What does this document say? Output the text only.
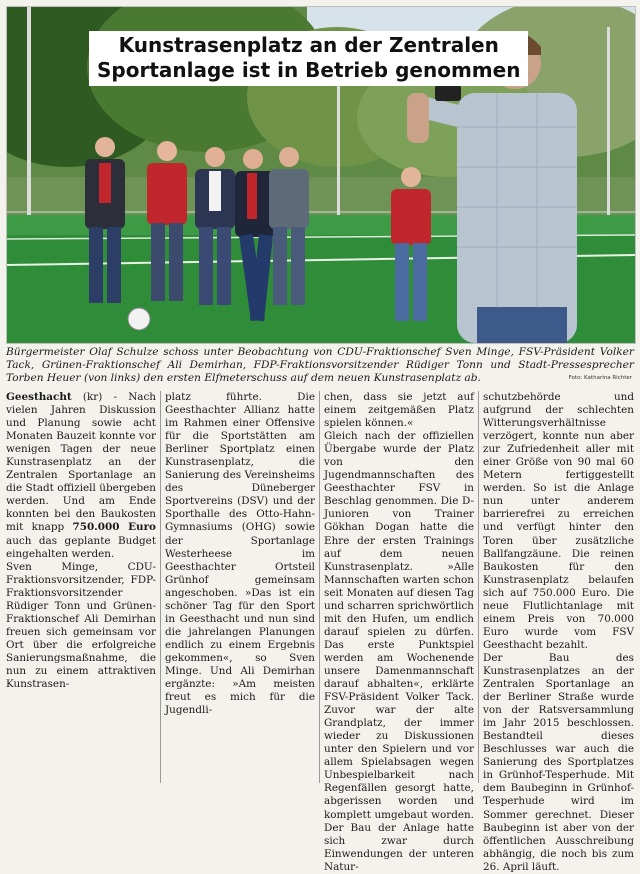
Kunstrasenplatz an der Zentralen
Sportanlage ist in Betrieb genommen
Bürgermeister Olaf Schulze schoss unter Beobachtung von CDU-Fraktionschef Sven Minge, FSV-Präsident Volker Tack, Grünen-Fraktionschef Ali Demirhan, FDP-Fraktionsvorsitzender Rüdiger Tonn und Stadt-Pressesprecher Torben Heuer (von links) den ersten Elfmeterschuss auf dem neuen Kunstrasenplatz ab.	Foto: Katharina Richter

Geesthacht (kr) - Nach vielen Jahren Diskussion und Planung sowie acht Monaten Bauzeit konnte vor wenigen Tagen der neue Kunstrasenplatz an der Zentralen Sportanlage an die Stadt offiziell übergeben werden. Und am Ende konnten bei den Baukosten mit knapp 750.000 Euro auch das geplante Budget eingehalten werden.

Sven Minge, CDU-Fraktionsvorsitzender, FDP-Fraktionsvorsitzender Rüdiger Tonn und Grünen-Fraktionschef Ali Demirhan freuen sich gemeinsam vor Ort über die erfolgreiche Sanierungsmaßnahme, die nun zu einem attraktiven Kunstrasen-

platz führte. Die Geesthachter Allianz hatte im Rahmen einer Offensive für die Sportstätten am Berliner Sportplatz einen Kunstrasenplatz, die Sanierung des Vereinsheims des Düneberger Sportvereins (DSV) und der Sporthalle des Otto-Hahn-Gymnasiums (OHG) sowie der Sportanlage Westerheese im Geesthachter Ortsteil Grünhof gemeinsam angeschoben. »Das ist ein schöner Tag für den Sport in Geesthacht und nun sind die jahrelangen Planungen endlich zu einem Ergebnis gekommen«, so Sven Minge. Und Ali Demirhan ergänzte: »Am meisten freut es mich für die Jugendli-

chen, dass sie jetzt auf einem zeitgemäßen Platz spielen können.«

Gleich nach der offiziellen Übergabe wurde der Platz von den Jugendmannschaften des Geesthachter FSV in Beschlag genommen. Die D-Junioren von Trainer Gökhan Dogan hatte die Ehre der ersten Trainings auf dem neuen Kunstrasenplatz. »Alle Mannschaften warten schon seit Monaten auf diesen Tag und scharren sprichwörtlich mit den Hufen, um endlich darauf spielen zu dürfen. Das erste Punktspiel werden am Wochenende unsere Damenmannschaft darauf abhalten«, erklärte FSV-Präsident Volker Tack. Zuvor war der alte Grandplatz, der immer wieder zu Diskussionen unter den Spielern und vor allem Spielabsagen wegen Unbespielbarkeit nach Regenfällen gesorgt hatte, abgerissen worden und komplett umgebaut worden. Der Bau der Anlage hatte sich zwar durch Einwendungen der unteren Natur-

schutzbehörde und aufgrund der schlechten Witterungsverhältnisse verzögert, konnte nun aber zur Zufriedenheit aller mit einer Größe von 90 mal 60 Metern fertiggestellt werden. So ist die Anlage nun unter anderem barrierefrei zu erreichen und verfügt hinter den Toren über zusätzliche Ballfangzäune. Die reinen Baukosten für den Kunstrasenplatz belaufen sich auf 750.000 Euro. Die neue Flutlichtanlage mit einem Preis von 70.000 Euro wurde vom FSV Geesthacht bezahlt.

Der Bau des Kunstrasenplatzes an der Zentralen Sportanlage an der Berliner Straße wurde von der Ratsversammlung im Jahr 2015 beschlossen. Bestandteil dieses Beschlusses war auch die Sanierung des Sportplatzes in Grünhof-Tesperhude. Mit dem Baubeginn in Grünhof-Tesperhude wird im Sommer gerechnet. Dieser Baubeginn ist aber von der öffentlichen Ausschreibung abhängig, die noch bis zum 26. April läuft.
